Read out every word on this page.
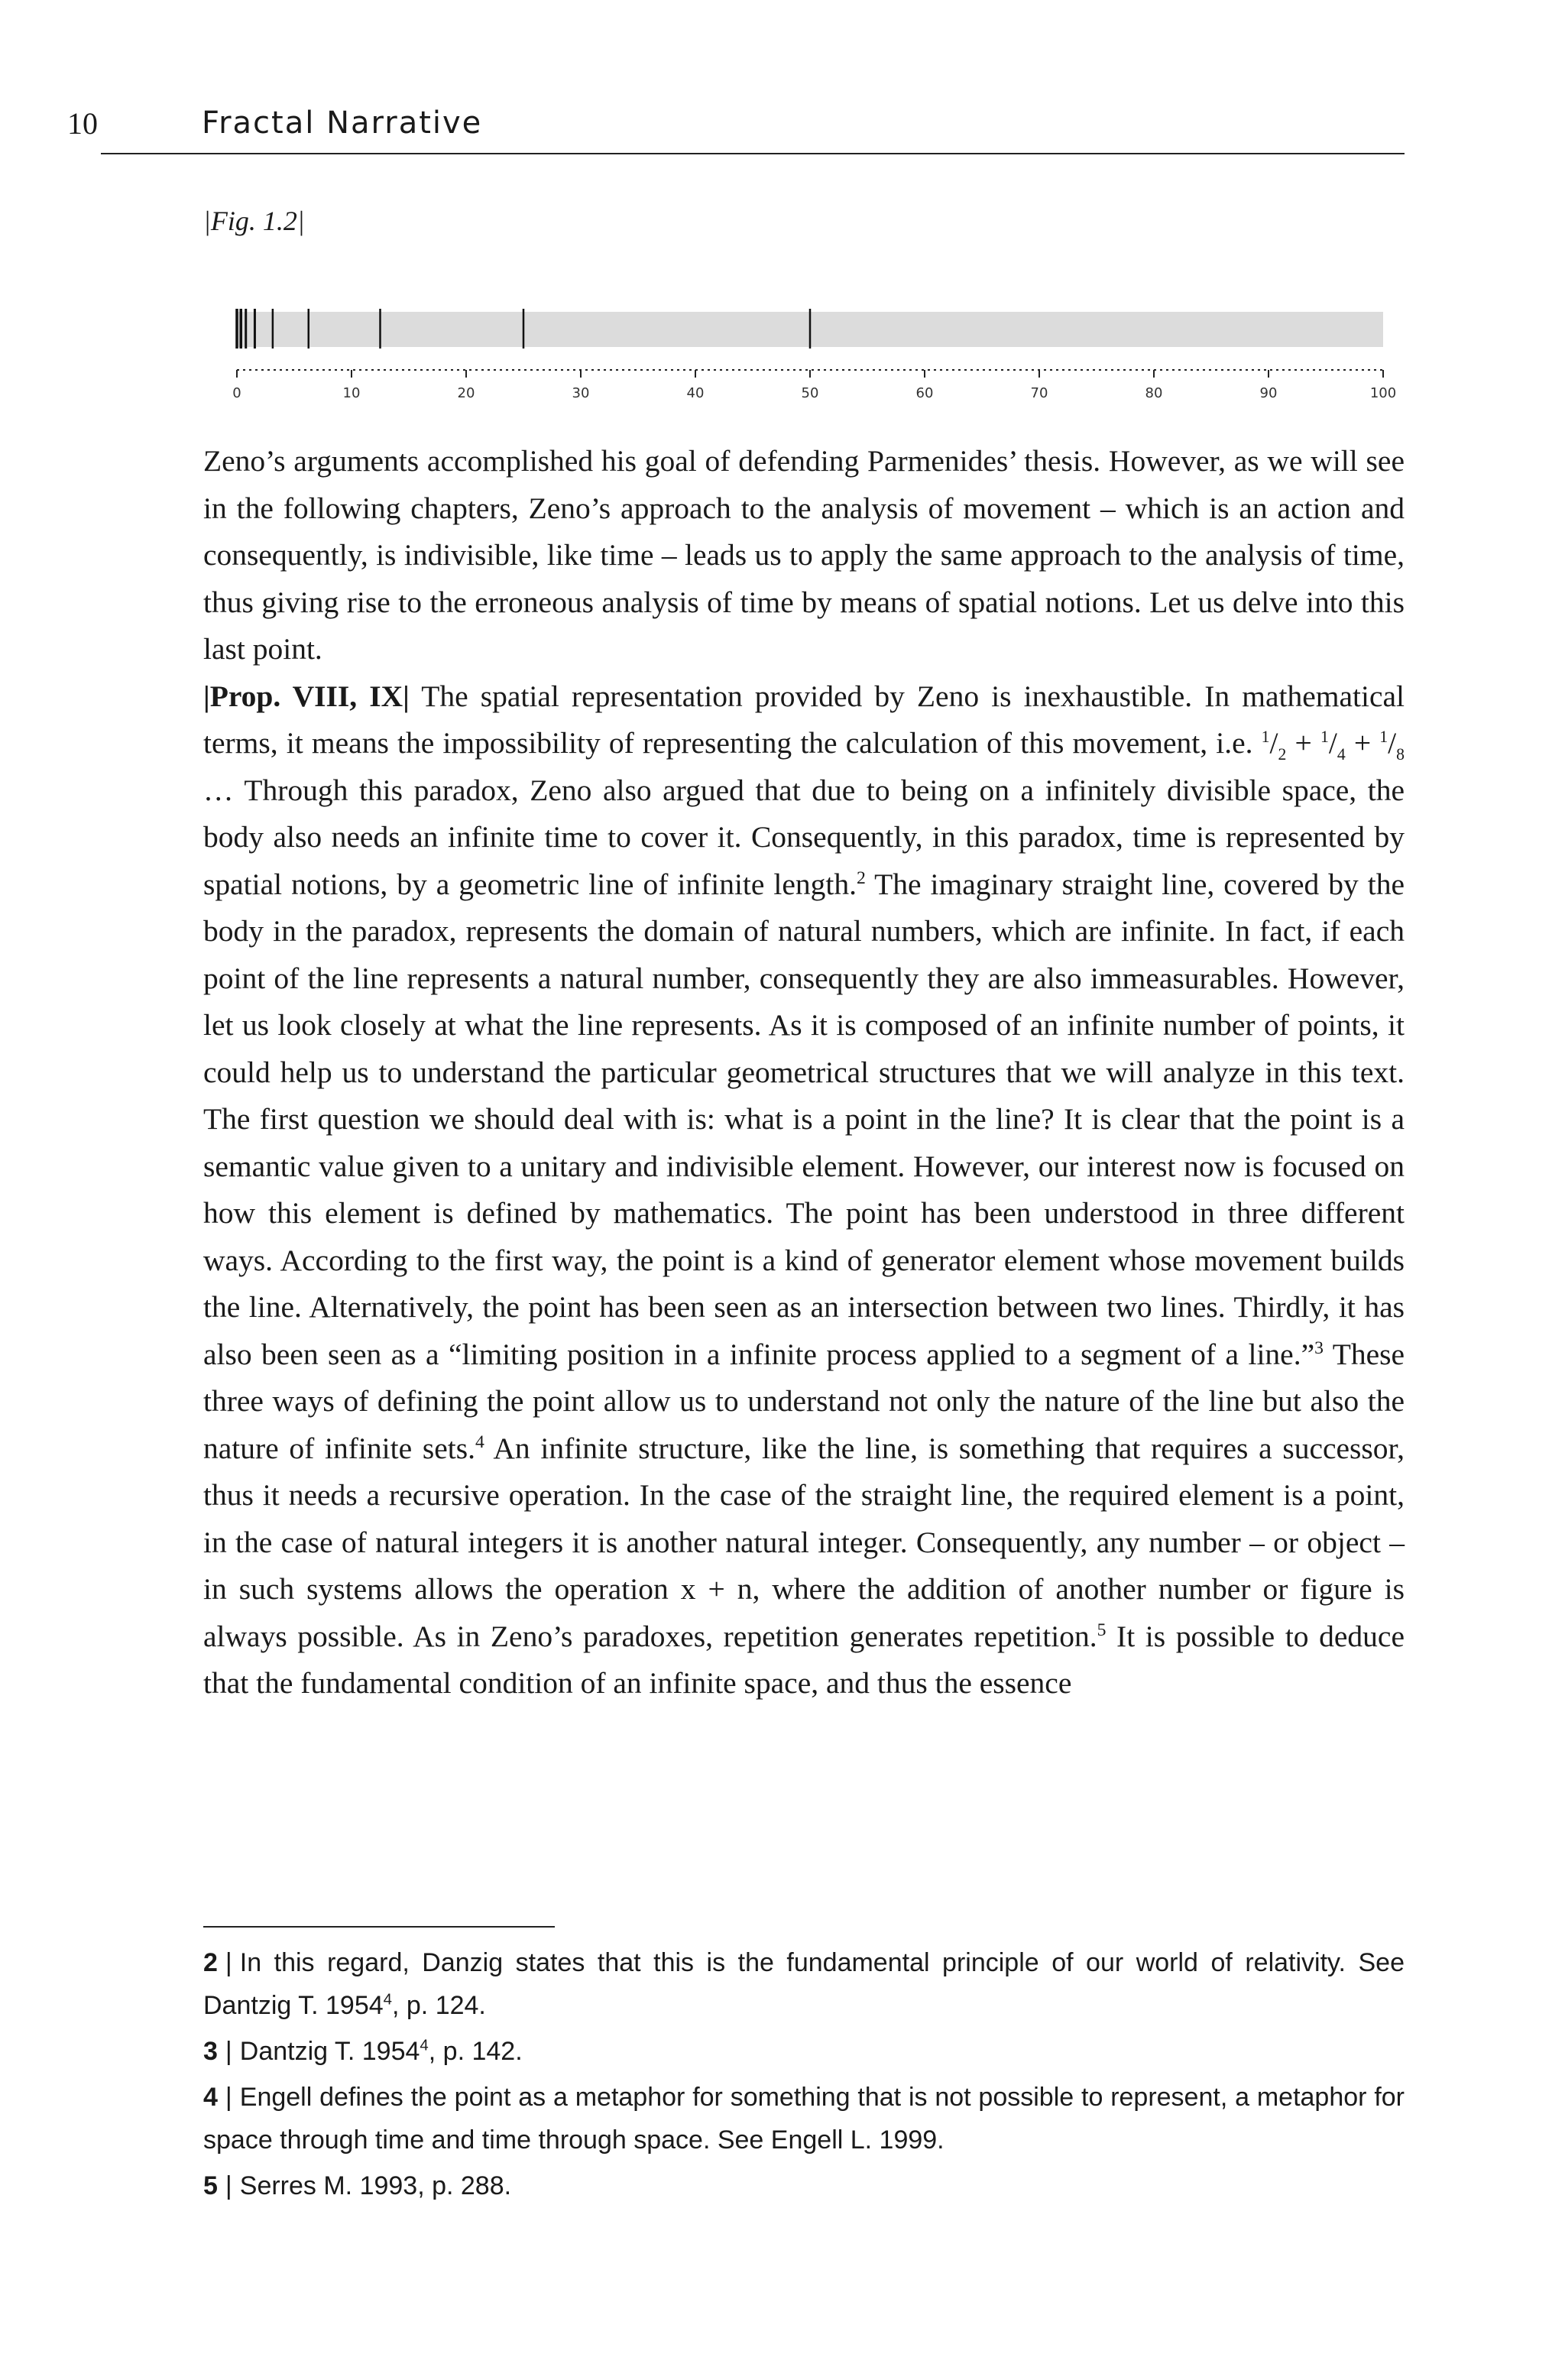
10	Fractal Narrative
|Fig. 1.2|
0	10	20	30	40	50	60	70	80	90	100

Zeno’s arguments accomplished his goal of defending Parmenides’ thesis. However, as we will see in the following chapters, Zeno’s approach to the analysis of movement – which is an action and consequently, is indivisible, like time – leads us to apply the same approach to the analysis of time, thus giving rise to the erroneous analysis of time by means of spatial notions. Let us delve into this last point.

|Prop. VIII, IX| The spatial representation provided by Zeno is inexhaustible. In mathematical terms, it means the impossibility of representing the calculation of this movement, i.e. $^1/_2 + ^1/_4 + ^1/_8$ … Through this paradox, Zeno also argued that due to being on a infinitely divisible space, the body also needs an infinite time to cover it. Consequently, in this paradox, time is represented by spatial notions, by a geometric line of infinite length.$^2$ The imaginary straight line, covered by the body in the paradox, represents the domain of natural numbers, which are infinite. In fact, if each point of the line represents a natural number, consequently they are also immeasurables. However, let us look closely at what the line represents. As it is composed of an infinite number of points, it could help us to understand the particular geometrical structures that we will analyze in this text. The first question we should deal with is: what is a point in the line? It is clear that the point is a semantic value given to a unitary and indivisible element. However, our interest now is focused on how this element is defined by mathematics. The point has been understood in three different ways. According to the first way, the point is a kind of generator element whose movement builds the line. Alternatively, the point has been seen as an intersection between two lines. Thirdly, it has also been seen as a “limiting position in a infinite process applied to a segment of a line.”$^3$ These three ways of defining the point allow us to understand not only the nature of the line but also the nature of infinite sets.$^4$ An infinite structure, like the line, is something that requires a successor, thus it needs a recursive operation. In the case of the straight line, the required element is a point, in the case of natural integers it is another natural integer. Consequently, any number – or object – in such systems allows the operation x + n, where the addition of another number or figure is always possible. As in Zeno’s paradoxes, repetition generates repetition.$^5$ It is possible to deduce that the fundamental condition of an infinite space, and thus the essence

2 | In this regard, Danzig states that this is the fundamental principle of our world of relativity. See Dantzig T. 1954$^4$, p. 124.

3 | Dantzig T. 1954$^4$, p. 142.

4 | Engell defines the point as a metaphor for something that is not possible to represent, a metaphor for space through time and time through space. See Engell L. 1999.

5 | Serres M. 1993, p. 288.
